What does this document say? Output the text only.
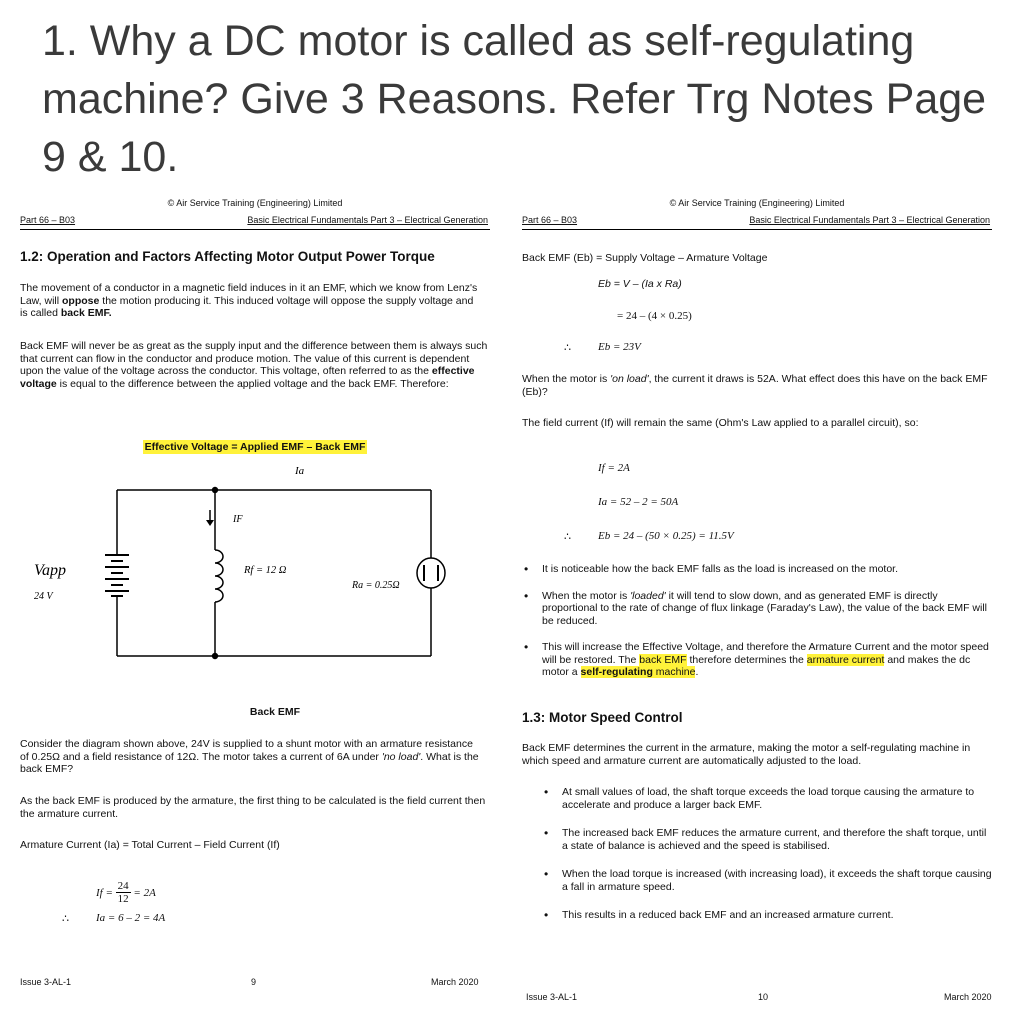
1. Why a DC motor is called as self-regulating machine? Give 3 Reasons. Refer Trg Notes Page 9 & 10.
© Air Service Training (Engineering) Limited
Part 66 – B03	Basic Electrical Fundamentals Part 3 – Electrical Generation
1.2: Operation and Factors Affecting Motor Output Power Torque
The movement of a conductor in a magnetic field induces in it an EMF, which we know from Lenz's Law, will oppose the motion producing it. This induced voltage will oppose the supply voltage and is called back EMF.
Back EMF will never be as great as the supply input and the difference between them is always such that current can flow in the conductor and produce motion. The value of this current is dependent upon the value of the voltage across the conductor. This voltage, often referred to as the effective voltage is equal to the difference between the applied voltage and the back EMF. Therefore:
Effective Voltage = Applied EMF – Back EMF
Ia
IF
Rf = 12 Ω
Ra = 0.25Ω
Vapp
24 V
Back EMF
Consider the diagram shown above, 24V is supplied to a shunt motor with an armature resistance of 0.25Ω and a field resistance of 12Ω. The motor takes a current of 6A under 'no load'. What is the back EMF?
As the back EMF is produced by the armature, the first thing to be calculated is the field current then the armature current.
Armature Current (Ia) = Total Current – Field Current (If)
$If = \frac{24}{12} = 2A$
∴ Ia = 6 – 2 = 4A
Issue 3-AL-1	9	March 2020
© Air Service Training (Engineering) Limited
Part 66 – B03	Basic Electrical Fundamentals Part 3 – Electrical Generation
Back EMF (Eb) = Supply Voltage – Armature Voltage
Eb = V – (Ia x Ra)
= 24 – (4 × 0.25)
∴ Eb = 23V
When the motor is 'on load', the current it draws is 52A. What effect does this have on the back EMF (Eb)?
The field current (If) will remain the same (Ohm's Law applied to a parallel circuit), so:
If = 2A
Ia = 52 – 2 = 50A
∴ Eb = 24 – (50 × 0.25) = 11.5V
• It is noticeable how the back EMF falls as the load is increased on the motor.
• When the motor is 'loaded' it will tend to slow down, and as generated EMF is directly proportional to the rate of change of flux linkage (Faraday's Law), the value of the back EMF will be reduced.
• This will increase the Effective Voltage, and therefore the Armature Current and the motor speed will be restored. The back EMF therefore determines the armature current and makes the dc motor a self-regulating machine.
1.3: Motor Speed Control
Back EMF determines the current in the armature, making the motor a self-regulating machine in which speed and armature current are automatically adjusted to the load.
• At small values of load, the shaft torque exceeds the load torque causing the armature to accelerate and produce a larger back EMF.
• The increased back EMF reduces the armature current, and therefore the shaft torque, until a state of balance is achieved and the speed is stabilised.
• When the load torque is increased (with increasing load), it exceeds the shaft torque causing a fall in armature speed.
• This results in a reduced back EMF and an increased armature current.
Issue 3-AL-1	10	March 2020
